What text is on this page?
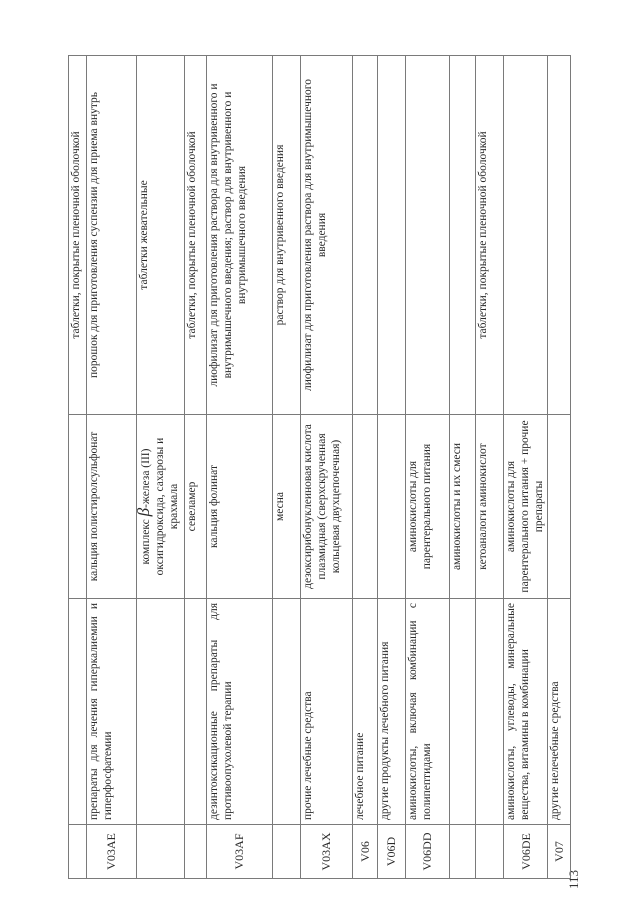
113
			таблетки, покрытые пленочной оболочкой
V03AE	препараты для лечения гиперкалиемии и гиперфосфатемии	кальция полистиролсульфонат	порошок для приготовления суспензии для приема внутрь
		комплекс β-железа (III) оксигидроксида, сахарозы и крахмала	таблетки жевательные
		севеламер	таблетки, покрытые пленочной оболочкой
V03AF	дезинтоксикационные препараты для противоопухолевой терапии	кальция фолинат	лиофилизат для приготовления раствора для внутривенного и внутримышечного введения; раствор для внутривенного и внутримышечного введения
		месна	раствор для внутривенного введения
V03AX	прочие лечебные средства	дезоксирибонуклеиновая кислота плазмидная (сверхскрученная кольцевая двухцепочечная)	лиофилизат для приготовления раствора для внутримышечного введения
V06	лечебное питание		
V06D	другие продукты лечебного питания		
V06DD	аминокислоты, включая комбинации с полипептидами	аминокислоты для парентерального питания	
		аминокислоты и их смеси	
		кетоаналоги аминокислот	таблетки, покрытые пленочной оболочкой
V06DE	аминокислоты, углеводы, минеральные вещества, витамины в комбинации	аминокислоты для парентерального питания + прочие препараты	
V07	другие нелечебные средства		
